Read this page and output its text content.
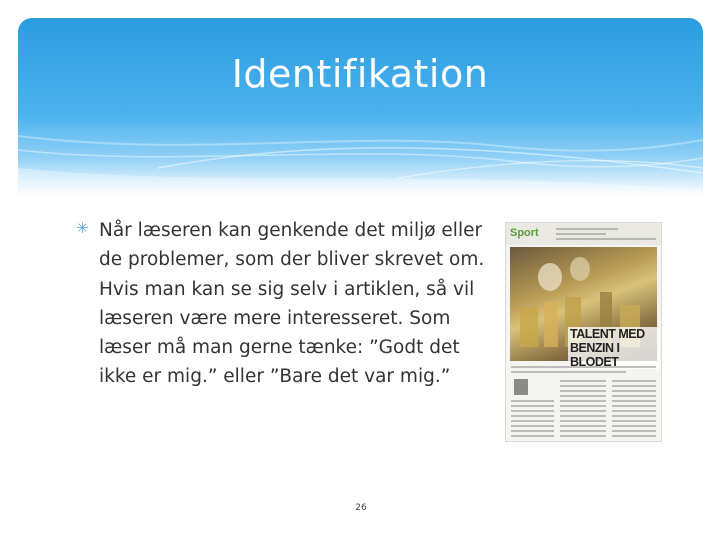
Identifikation
✳ Når læseren kan genkende det miljø eller de problemer, som der bliver skrevet om. Hvis man kan se sig selv i artiklen, så vil læseren være mere interesseret. Som læser må man gerne tænke: ”Godt det ikke er mig.” eller ”Bare det var mig.”
Sport
TALENT MED
BENZIN I BLODET
26
